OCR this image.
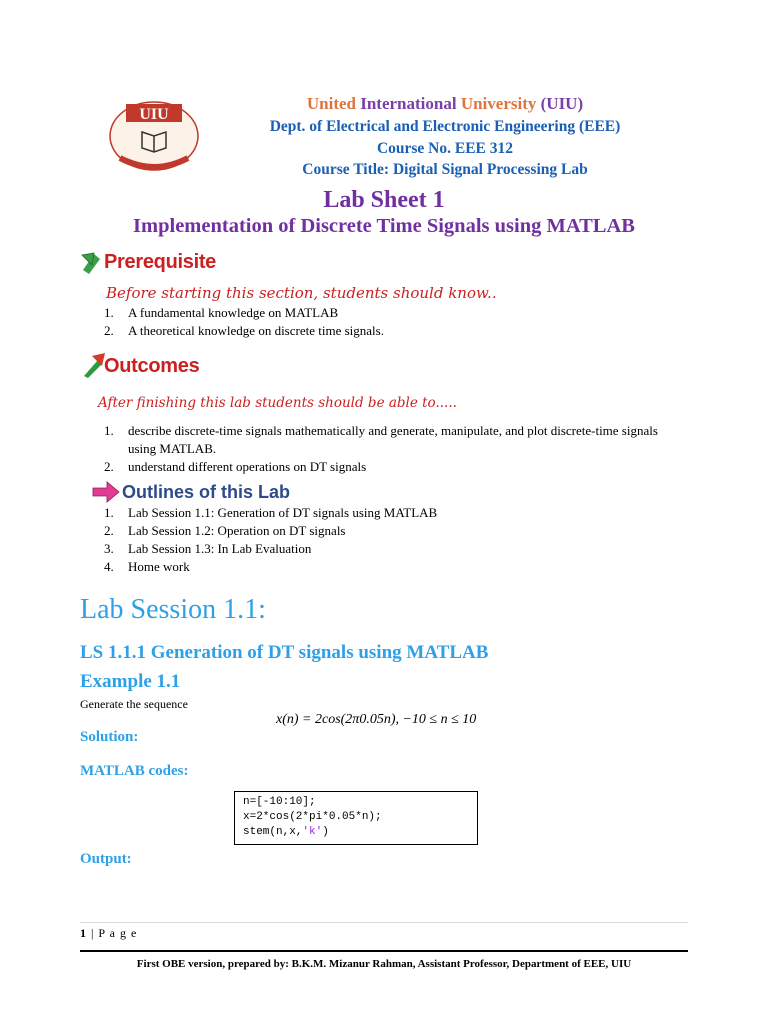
UIU
United International University (UIU)
Dept. of Electrical and Electronic Engineering (EEE)
Course No. EEE 312
Course Title: Digital Signal Processing Lab
Lab Sheet 1
Implementation of Discrete Time Signals using MATLAB
Prerequisite
Before starting this section, students should know..
1. A fundamental knowledge on MATLAB
2. A theoretical knowledge on discrete time signals.
Outcomes
After finishing this lab students should be able to.....
1. describe discrete-time signals mathematically and generate, manipulate, and plot discrete-time signals using MATLAB.
2. understand different operations on DT signals
Outlines of this Lab
1. Lab Session 1.1: Generation of DT signals using MATLAB
2. Lab Session 1.2: Operation on DT signals
3. Lab Session 1.3: In Lab Evaluation
4. Home work
Lab Session 1.1:
LS 1.1.1 Generation of DT signals using MATLAB
Example 1.1
Generate the sequence
x(n) = 2cos(2π0.05n), −10 ≤ n ≤ 10
Solution:
MATLAB codes:
n=[-10:10];
x=2*cos(2*pi*0.05*n);
stem(n,x,'k')
Output:
1 | P a g e
First OBE version, prepared by: B.K.M. Mizanur Rahman, Assistant Professor, Department of EEE, UIU
